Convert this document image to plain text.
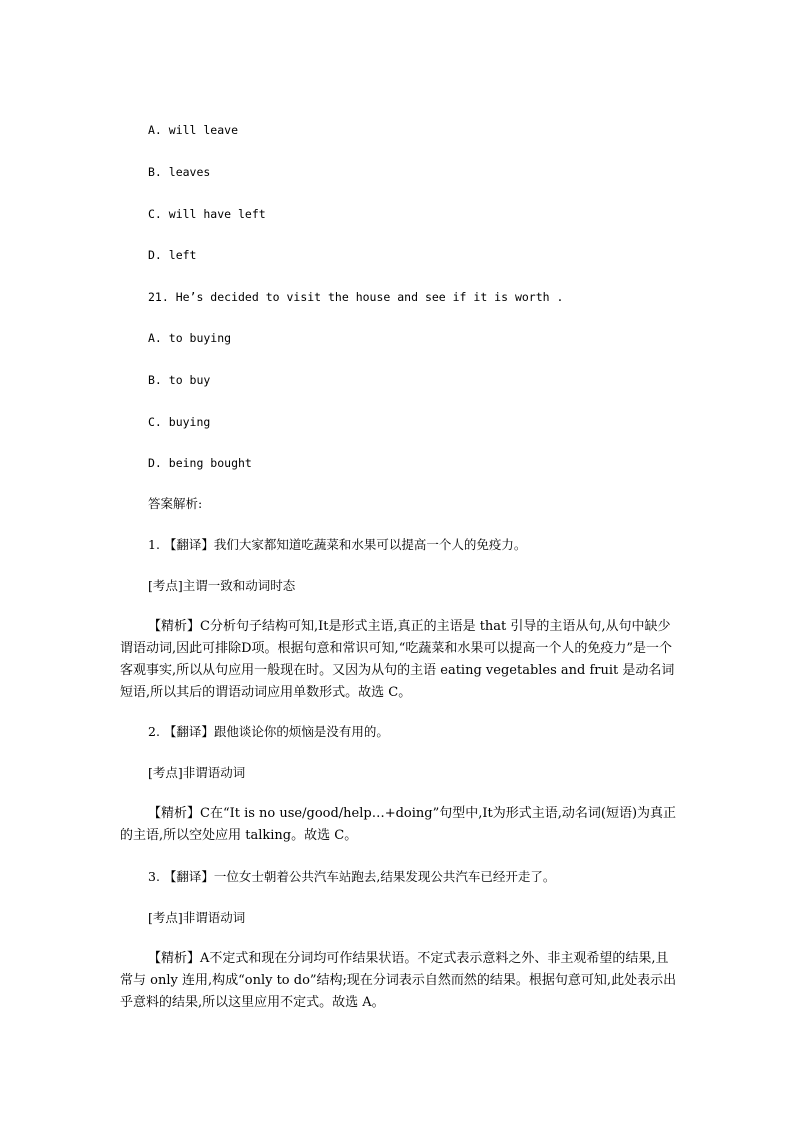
A. will leave

B. leaves

C. will have left

D. left

21. He’s decided to visit the house and see if it is worth .

A. to buying

B. to buy

C. buying

D. being bought

答案解析:

1. 【翻译】我们大家都知道吃蔬菜和水果可以提高一个人的免疫力。

[考点]主谓一致和动词时态

【精析】C分析句子结构可知,It是形式主语,真正的主语是 that 引导的主语从句,从句中缺少谓语动词,因此可排除D项。根据句意和常识可知,“吃蔬菜和水果可以提高一个人的免疫力”是一个客观事实,所以从句应用一般现在时。又因为从句的主语 eating vegetables and fruit 是动名词短语,所以其后的谓语动词应用单数形式。故选 C。

2. 【翻译】跟他谈论你的烦恼是没有用的。

[考点]非谓语动词

【精析】C在“It is no use/good/help…+doing”句型中,It为形式主语,动名词(短语)为真正的主语,所以空处应用 talking。故选 C。

3. 【翻译】一位女士朝着公共汽车站跑去,结果发现公共汽车已经开走了。

[考点]非谓语动词

【精析】A不定式和现在分词均可作结果状语。不定式表示意料之外、非主观希望的结果,且常与 only 连用,构成“only to do”结构;现在分词表示自然而然的结果。根据句意可知,此处表示出乎意料的结果,所以这里应用不定式。故选 A。
